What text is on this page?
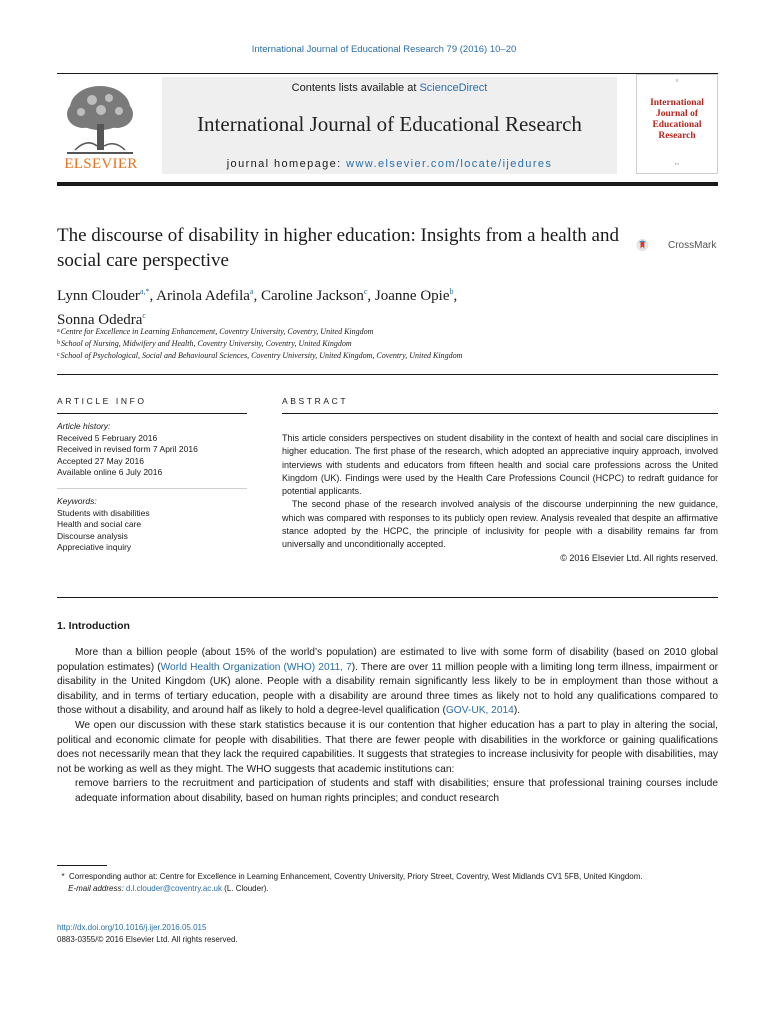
International Journal of Educational Research 79 (2016) 10–20
ELSEVIER
Contents lists available at ScienceDirect
International Journal of Educational Research
journal homepage: www.elsevier.com/locate/ijedures
≡
International Journal of Educational Research
▪ ▪
The discourse of disability in higher education: Insights from a health and social care perspective
CrossMark
Lynn Clouder$^{a,*}$, Arinola Adefila$^a$, Caroline Jackson$^c$, Joanne Opie$^b$,
Sonna Odedra$^c$
$^a$Centre for Excellence in Learning Enhancement, Coventry University, Coventry, United Kingdom
$^b$School of Nursing, Midwifery and Health, Coventry University, Coventry, United Kingdom
$^c$School of Psychological, Social and Behavioural Sciences, Coventry University, United Kingdom, Coventry, United Kingdom
ARTICLE INFO	ABSTRACT
Article history:
Received 5 February 2016
Received in revised form 7 April 2016
Accepted 27 May 2016
Available online 6 July 2016
Keywords:
Students with disabilities
Health and social care
Discourse analysis
Appreciative inquiry

This article considers perspectives on student disability in the context of health and social care disciplines in higher education. The first phase of the research, which adopted an appreciative inquiry approach, involved interviews with students and educators from fifteen health and social care professions across the United Kingdom (UK). Findings were used by the Health Care Professions Council (HCPC) to redraft guidance for potential applicants.

The second phase of the research involved analysis of the discourse underpinning the new guidance, which was compared with responses to its publicly open review. Analysis revealed that despite an affirmative stance adopted by the HCPC, the principle of inclusivity for people with a disability remains far from universally and unconditionally accepted.

© 2016 Elsevier Ltd. All rights reserved.

1. Introduction

More than a billion people (about 15% of the world’s population) are estimated to live with some form of disability (based on 2010 global population estimates) (World Health Organization (WHO) 2011, 7). There are over 11 million people with a limiting long term illness, impairment or disability in the United Kingdom (UK) alone. People with a disability remain significantly less likely to be in employment than those without a disability, and in terms of tertiary education, people with a disability are around three times as likely not to hold any qualifications compared to those without a disability, and around half as likely to hold a degree-level qualification (GOV-UK, 2014).

We open our discussion with these stark statistics because it is our contention that higher education has a part to play in altering the social, political and economic climate for people with disabilities. That there are fewer people with disabilities in the workforce or gaining qualifications does not necessarily mean that they lack the required capabilities. It suggests that strategies to increase inclusivity for people with disabilities, may not be working as well as they might. The WHO suggests that academic institutions can:

remove barriers to the recruitment and participation of students and staff with disabilities; ensure that professional training courses include adequate information about disability, based on human rights principles; and conduct research

* Corresponding author at: Centre for Excellence in Learning Enhancement, Coventry University, Priory Street, Coventry, West Midlands CV1 5FB, United Kingdom.
E-mail address: d.l.clouder@coventry.ac.uk (L. Clouder).
http://dx.doi.org/10.1016/j.ijer.2016.05.015
0883-0355/© 2016 Elsevier Ltd. All rights reserved.
